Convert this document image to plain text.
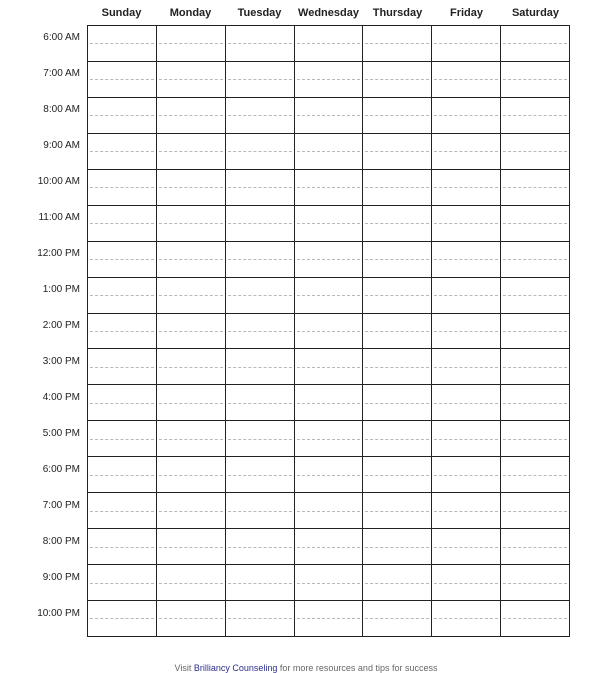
Sunday	Monday	Tuesday	Wednesday	Thursday	Friday	Saturday
6:00 AM
7:00 AM
8:00 AM
9:00 AM
10:00 AM
11:00 AM
12:00 PM
1:00 PM
2:00 PM
3:00 PM
4:00 PM
5:00 PM
6:00 PM
7:00 PM
8:00 PM
9:00 PM
10:00 PM
Visit Brilliancy Counseling for more resources and tips for success
